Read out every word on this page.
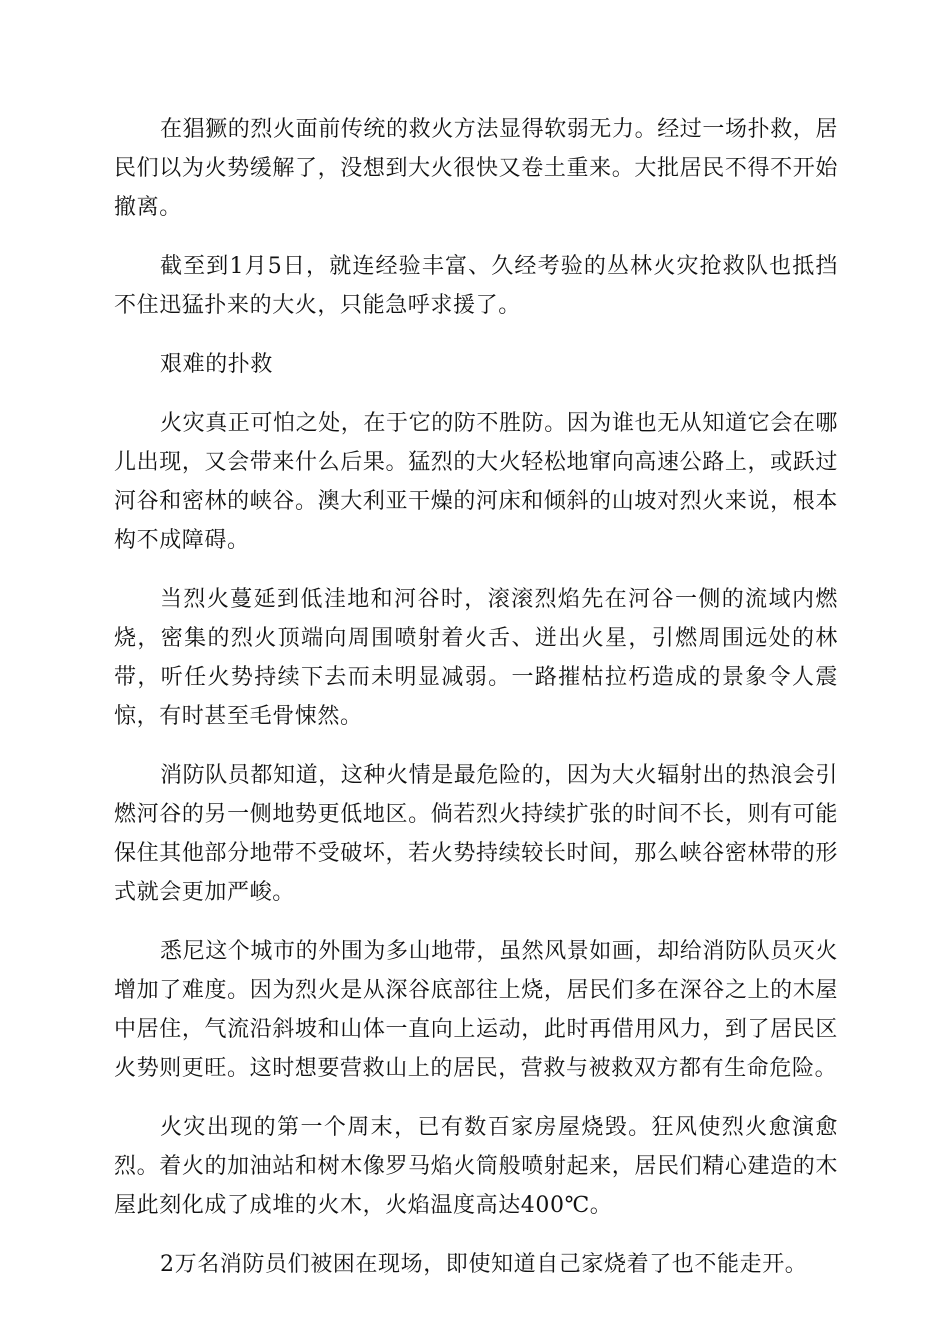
在猖獗的烈火面前传统的救火方法显得软弱无力。经过一场扑救，居民们以为火势缓解了，没想到大火很快又卷土重来。大批居民不得不开始撤离。

截至到1月5日，就连经验丰富、久经考验的丛林火灾抢救队也抵挡不住迅猛扑来的大火，只能急呼求援了。

艰难的扑救

火灾真正可怕之处，在于它的防不胜防。因为谁也无从知道它会在哪儿出现，又会带来什么后果。猛烈的大火轻松地窜向高速公路上，或跃过河谷和密林的峡谷。澳大利亚干燥的河床和倾斜的山坡对烈火来说，根本构不成障碍。

当烈火蔓延到低洼地和河谷时，滚滚烈焰先在河谷一侧的流域内燃烧，密集的烈火顶端向周围喷射着火舌、迸出火星，引燃周围远处的林带，听任火势持续下去而未明显减弱。一路摧枯拉朽造成的景象令人震惊，有时甚至毛骨悚然。

消防队员都知道，这种火情是最危险的，因为大火辐射出的热浪会引燃河谷的另一侧地势更低地区。倘若烈火持续扩张的时间不长，则有可能保住其他部分地带不受破坏，若火势持续较长时间，那么峡谷密林带的形式就会更加严峻。

悉尼这个城市的外围为多山地带，虽然风景如画，却给消防队员灭火增加了难度。因为烈火是从深谷底部往上烧，居民们多在深谷之上的木屋中居住，气流沿斜坡和山体一直向上运动，此时再借用风力，到了居民区火势则更旺。这时想要营救山上的居民，营救与被救双方都有生命危险。

火灾出现的第一个周末，已有数百家房屋烧毁。狂风使烈火愈演愈烈。着火的加油站和树木像罗马焰火筒般喷射起来，居民们精心建造的木屋此刻化成了成堆的火木，火焰温度高达400℃。

2万名消防员们被困在现场，即使知道自己家烧着了也不能走开。
